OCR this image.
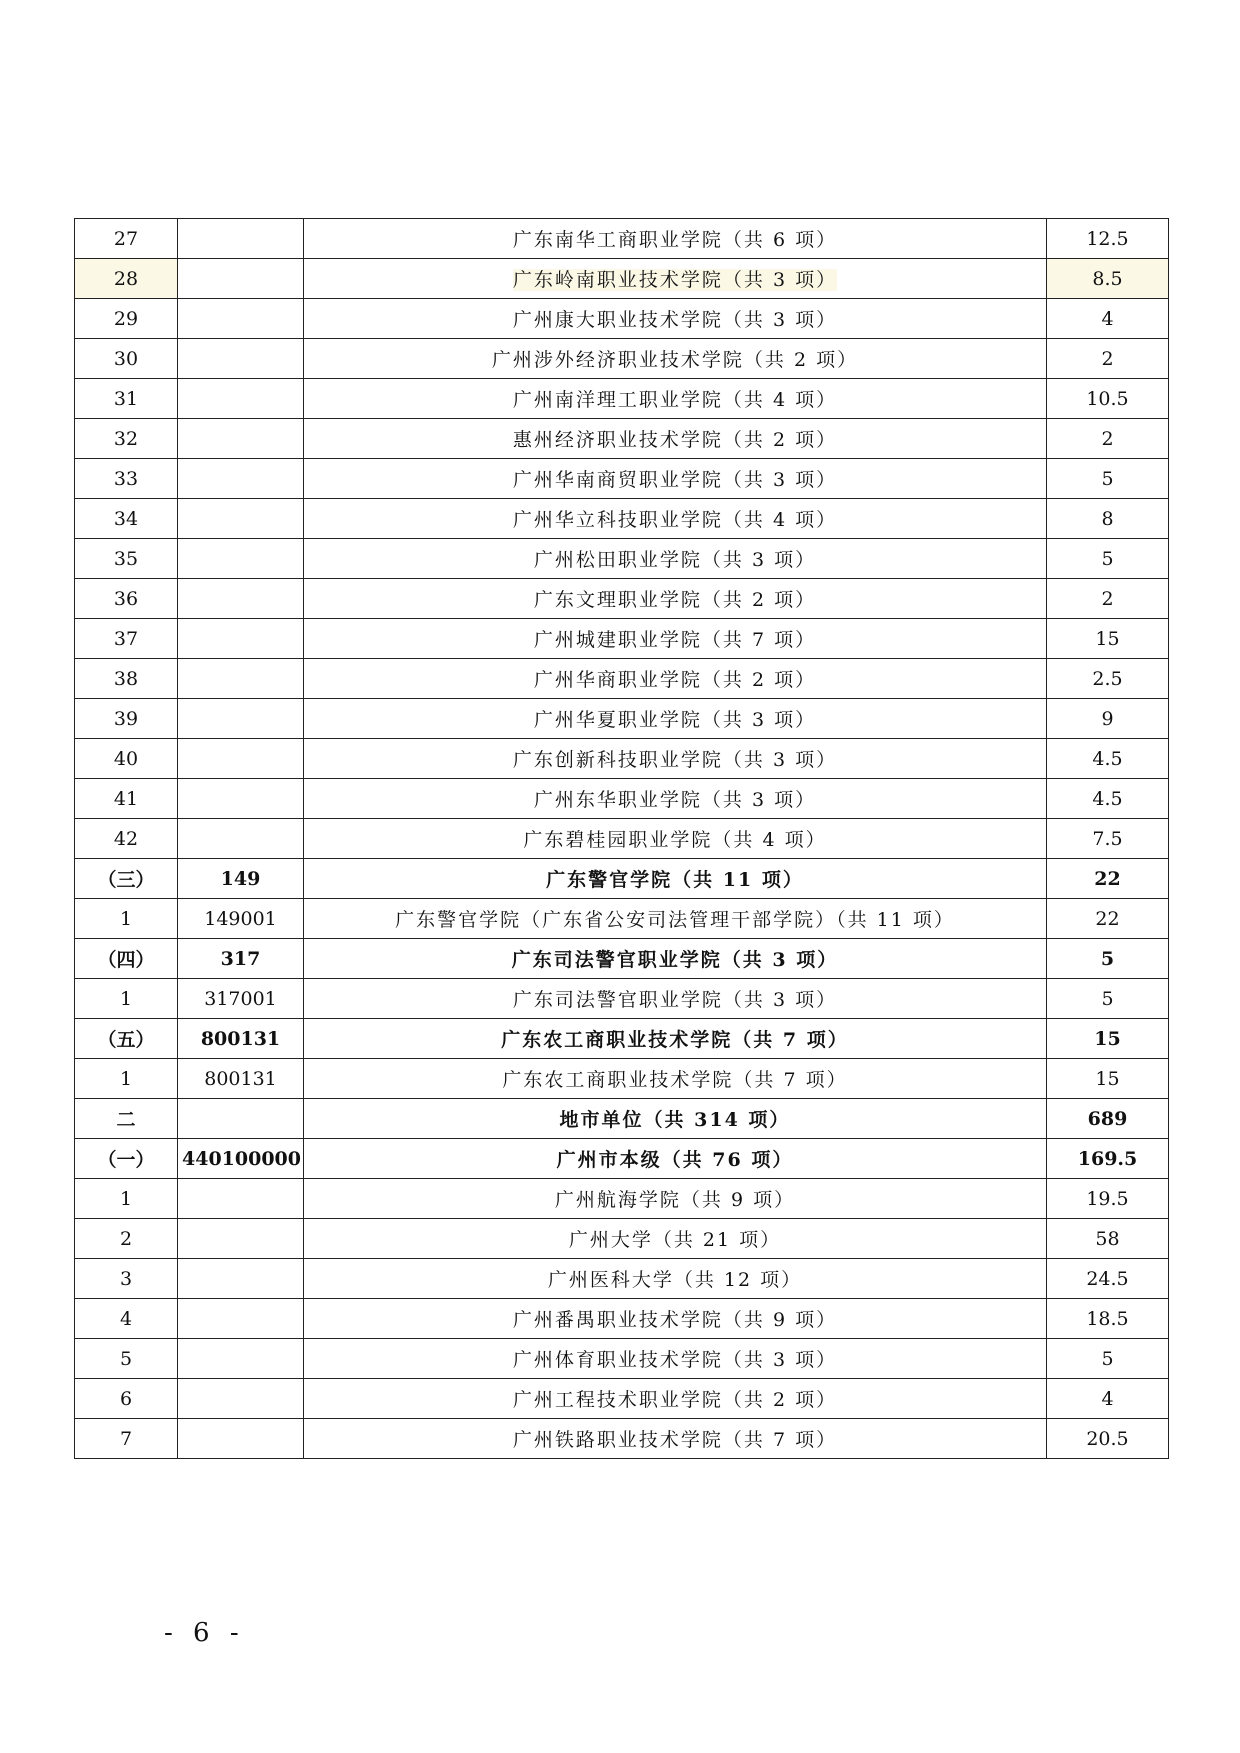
27		广东南华工商职业学院（共 6 项）	12.5
28		广东岭南职业技术学院（共 3 项）	8.5
29		广州康大职业技术学院（共 3 项）	4
30		广州涉外经济职业技术学院（共 2 项）	2
31		广州南洋理工职业学院（共 4 项）	10.5
32		惠州经济职业技术学院（共 2 项）	2
33		广州华南商贸职业学院（共 3 项）	5
34		广州华立科技职业学院（共 4 项）	8
35		广州松田职业学院（共 3 项）	5
36		广东文理职业学院（共 2 项）	2
37		广州城建职业学院（共 7 项）	15
38		广州华商职业学院（共 2 项）	2.5
39		广州华夏职业学院（共 3 项）	9
40		广东创新科技职业学院（共 3 项）	4.5
41		广州东华职业学院（共 3 项）	4.5
42		广东碧桂园职业学院（共 4 项）	7.5
（三）	149	广东警官学院（共 11 项）	22
1	149001	广东警官学院（广东省公安司法管理干部学院）（共 11 项）	22
（四）	317	广东司法警官职业学院（共 3 项）	5
1	317001	广东司法警官职业学院（共 3 项）	5
（五）	800131	广东农工商职业技术学院（共 7 项）	15
1	800131	广东农工商职业技术学院（共 7 项）	15
二		地市单位（共 314 项）	689
（一）	440100000	广州市本级（共 76 项）	169.5
1		广州航海学院（共 9 项）	19.5
2		广州大学（共 21 项）	58
3		广州医科大学（共 12 项）	24.5
4		广州番禺职业技术学院（共 9 项）	18.5
5		广州体育职业技术学院（共 3 项）	5
6		广州工程技术职业学院（共 2 项）	4
7		广州铁路职业技术学院（共 7 项）	20.5
- 6 -
